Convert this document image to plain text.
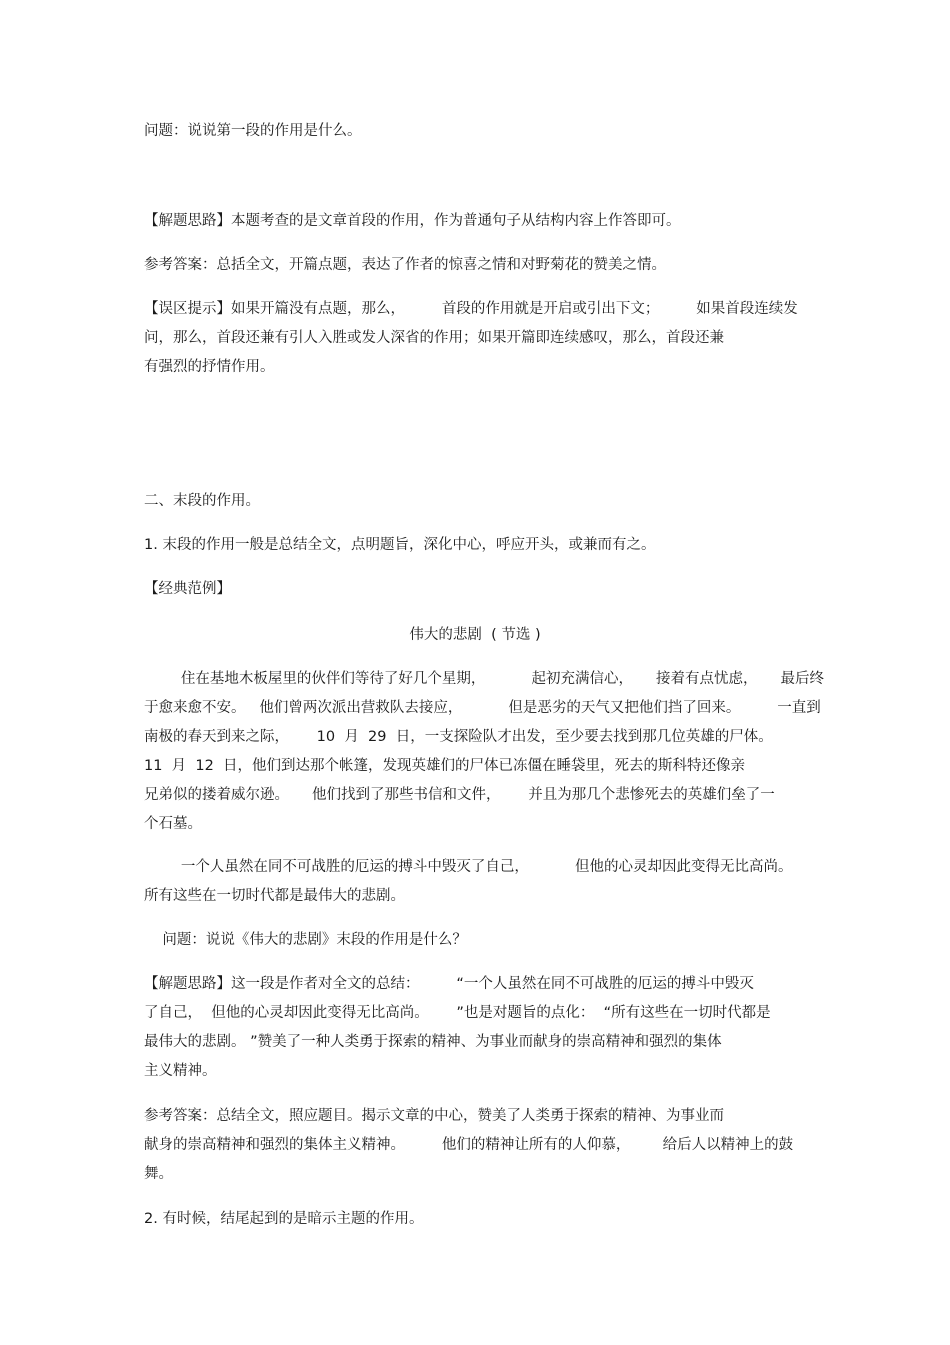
问题：说说第一段的作用是什么。
【解题思路】本题考查的是文章首段的作用，作为普通句子从结构内容上作答即可。
参考答案：总括全文，开篇点题，表达了作者的惊喜之情和对野菊花的赞美之情。
【误区提示】如果开篇没有点题，那么，        首段的作用就是开启或引出下文；        如果首段连续发
问，那么，首段还兼有引人入胜或发人深省的作用；如果开篇即连续感叹，那么，首段还兼
有强烈的抒情作用。
二、末段的作用。
1. 末段的作用一般是总结全文，点明题旨，深化中心，呼应开头，或兼而有之。
【经典范例】
伟大的悲剧  ( 节选 )
住在基地木板屋里的伙伴们等待了好几个星期，          起初充满信心，     接着有点忧虑，     最后终
于愈来愈不安。   他们曾两次派出营救队去接应，          但是恶劣的天气又把他们挡了回来。        一直到
南极的春天到来之际，      10  月  29  日，一支探险队才出发，至少要去找到那几位英雄的尸体。
11  月  12  日，他们到达那个帐篷，发现英雄们的尸体已冻僵在睡袋里，死去的斯科特还像亲
兄弟似的搂着威尔逊。     他们找到了那些书信和文件，      并且为那几个悲惨死去的英雄们垒了一
个石墓。
一个人虽然在同不可战胜的厄运的搏斗中毁灭了自己，          但他的心灵却因此变得无比高尚。
所有这些在一切时代都是最伟大的悲剧。
问题：说说《伟大的悲剧》末段的作用是什么？
【解题思路】这一段是作者对全文的总结：        “一个人虽然在同不可战胜的厄运的搏斗中毁灭
了自己，  但他的心灵却因此变得无比高尚。      ”也是对题旨的点化：  “所有这些在一切时代都是
最伟大的悲剧。 ”赞美了一种人类勇于探索的精神、为事业而献身的崇高精神和强烈的集体
主义精神。
参考答案：总结全文，照应题目。揭示文章的中心，赞美了人类勇于探索的精神、为事业而
献身的崇高精神和强烈的集体主义精神。        他们的精神让所有的人仰慕，       给后人以精神上的鼓
舞。
2. 有时候，结尾起到的是暗示主题的作用。
